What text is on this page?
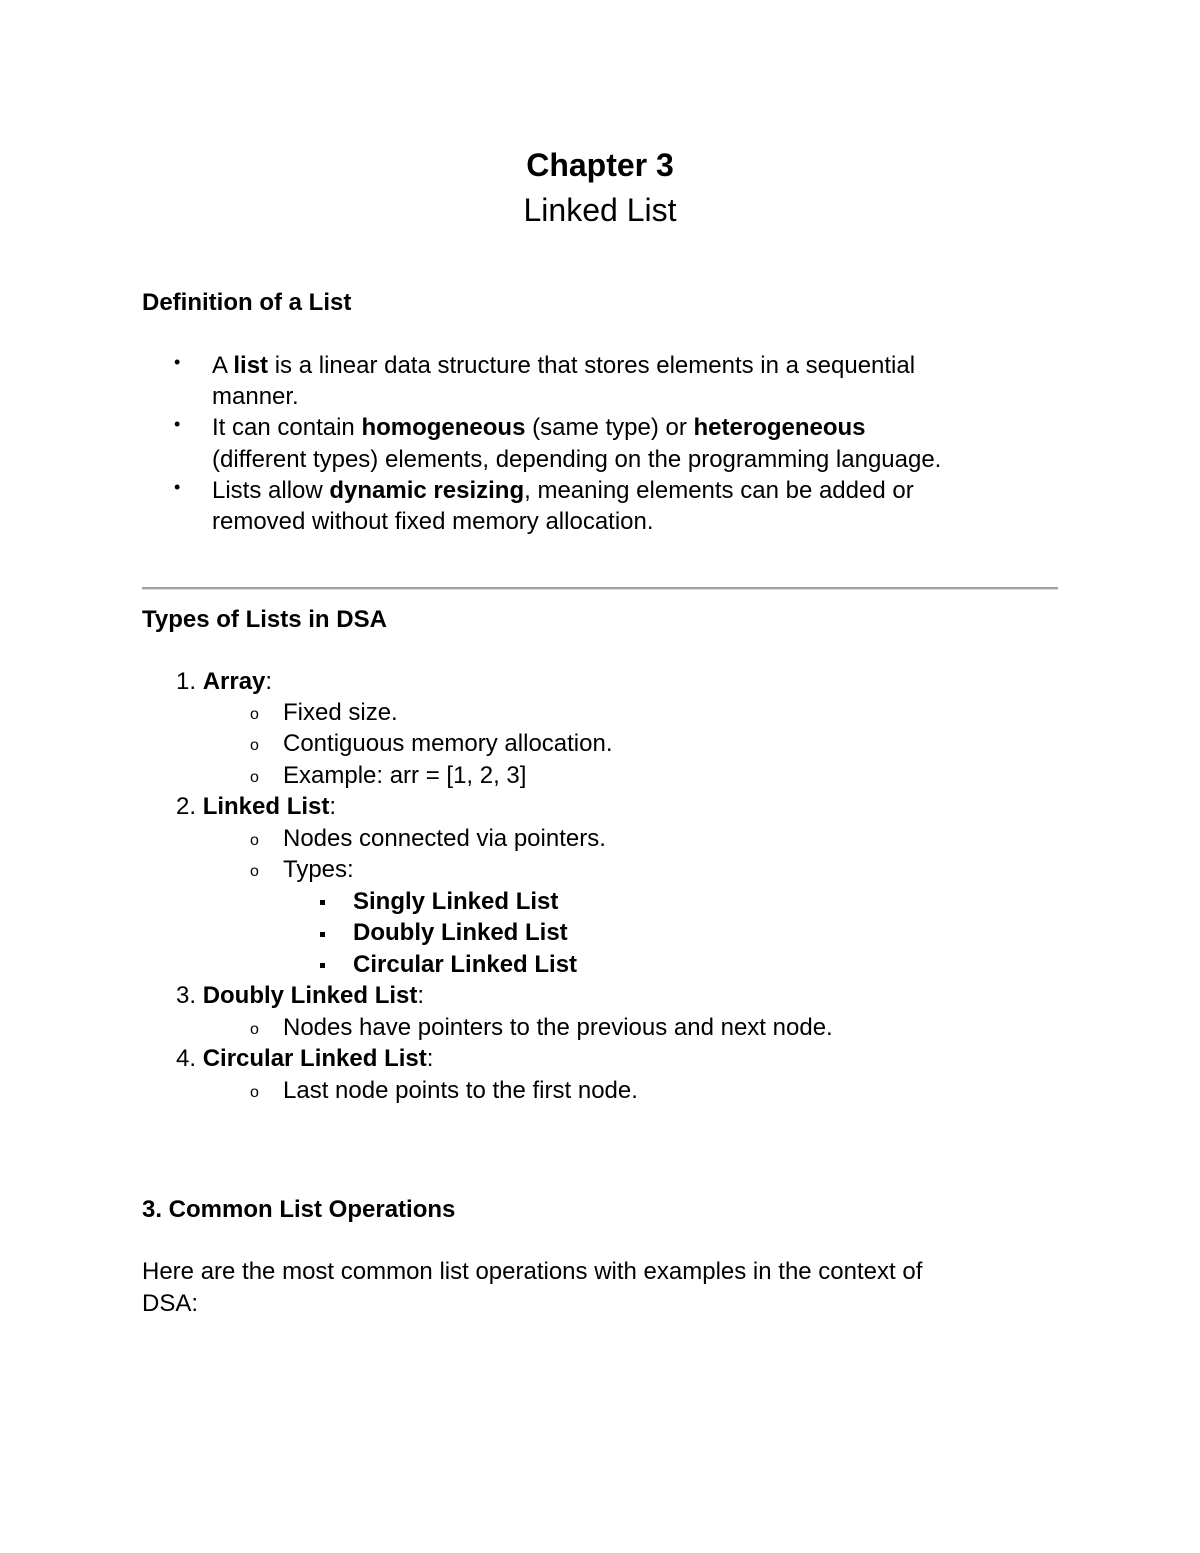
Chapter 3
Linked List
Definition of a List
• A list is a linear data structure that stores elements in a sequential
manner.
• It can contain homogeneous (same type) or heterogeneous
(different types) elements, depending on the programming language.
• Lists allow dynamic resizing, meaning elements can be added or
removed without fixed memory allocation.
Types of Lists in DSA
1. Array:
o Fixed size.
o Contiguous memory allocation.
o Example: arr = [1, 2, 3]
2. Linked List:
o Nodes connected via pointers.
o Types:
Singly Linked List
Doubly Linked List
Circular Linked List
3. Doubly Linked List:
o Nodes have pointers to the previous and next node.
4. Circular Linked List:
o Last node points to the first node.
3. Common List Operations
Here are the most common list operations with examples in the context of
DSA:
